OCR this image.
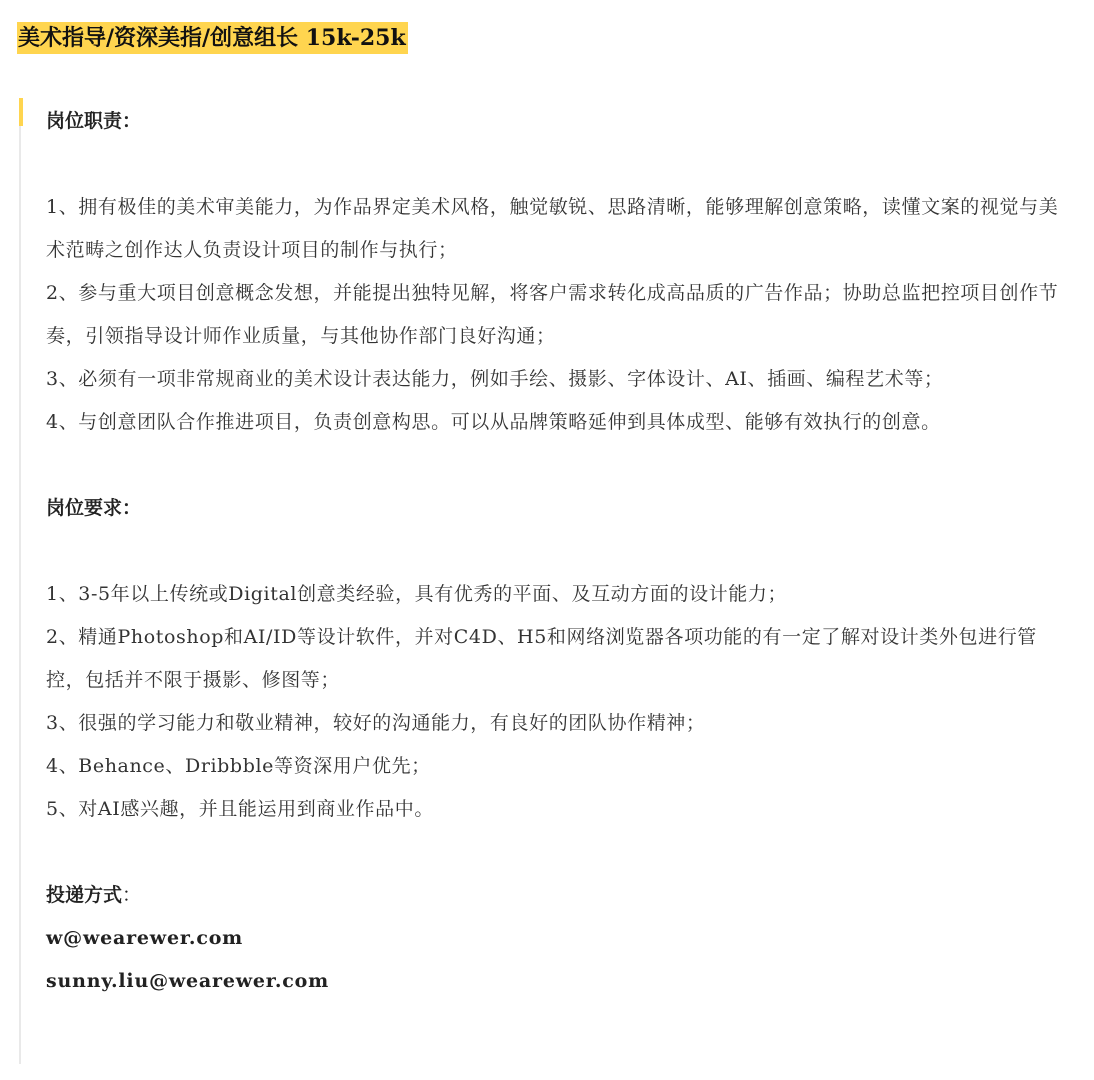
美术指导/资深美指/创意组长 15k-25k

岗位职责：

1、拥有极佳的美术审美能力，为作品界定美术风格，触觉敏锐、思路清晰，能够理解创意策略，读懂文案的视觉与美术范畴之创作达人负责设计项目的制作与执行；

2、参与重大项目创意概念发想，并能提出独特见解，将客户需求转化成高品质的广告作品；协助总监把控项目创作节奏，引领指导设计师作业质量，与其他协作部门良好沟通；

3、必须有一项非常规商业的美术设计表达能力，例如手绘、摄影、字体设计、AI、插画、编程艺术等；

4、与创意团队合作推进项目，负责创意构思。可以从品牌策略延伸到具体成型、能够有效执行的创意。

岗位要求：

1、3-5年以上传统或Digital创意类经验，具有优秀的平面、及互动方面的设计能力；

2、精通Photoshop和AI/ID等设计软件，并对C4D、H5和网络浏览器各项功能的有一定了解对设计类外包进行管控，包括并不限于摄影、修图等；

3、很强的学习能力和敬业精神，较好的沟通能力，有良好的团队协作精神；

4、Behance、Dribbble等资深用户优先；

5、对AI感兴趣，并且能运用到商业作品中。

投递方式：

w@wearewer.com

sunny.liu@wearewer.com
